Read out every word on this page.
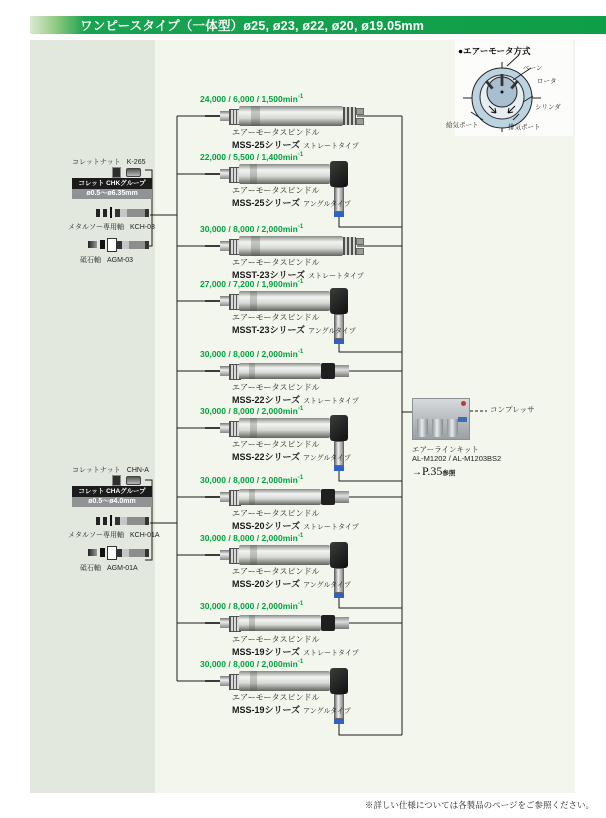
ワンピースタイプ（一体型）ø25, ø23, ø22, ø20, ø19.05mm
●エアーモータ方式
ベーン
ロータ
シリンダ
給気ポート	排気ポート
コレットナット K-265
コレット CHKグループ
ø0.5～ø6.35mm
メタルソー専用軸 KCH-03
砥石軸 AGM-03
コレットナット CHN-A
コレット CHAグループ
ø0.5～ø4.0mm
メタルソー専用軸 KCH-01A
砥石軸 AGM-01A
$24,000 / 6,000 / 1,500\min^{-1}$
エアーモータスピンドル
MSS-25シリーズ ストレートタイプ
$22,000 / 5,500 / 1,400\min^{-1}$
エアーモータスピンドル
MSS-25シリーズ アングルタイプ
$30,000 / 8,000 / 2,000\min^{-1}$
エアーモータスピンドル
MSST-23シリーズ ストレートタイプ
$27,000 / 7,200 / 1,900\min^{-1}$
エアーモータスピンドル
MSST-23シリーズ アングルタイプ
$30,000 / 8,000 / 2,000\min^{-1}$
エアーモータスピンドル
MSS-22シリーズ ストレートタイプ
$30,000 / 8,000 / 2,000\min^{-1}$
エアーモータスピンドル
MSS-22シリーズ アングルタイプ
$30,000 / 8,000 / 2,000\min^{-1}$
エアーモータスピンドル
MSS-20シリーズ ストレートタイプ
$30,000 / 8,000 / 2,000\min^{-1}$
エアーモータスピンドル
MSS-20シリーズ アングルタイプ
$30,000 / 8,000 / 2,000\min^{-1}$
エアーモータスピンドル
MSS-19シリーズ ストレートタイプ
$30,000 / 8,000 / 2,000\min^{-1}$
エアーモータスピンドル
MSS-19シリーズ アングルタイプ
コンプレッサ
エアーラインキット
AL-M1202 / AL-M1203BS2
→P.35参照
※詳しい仕様については各製品のページをご参照ください。
